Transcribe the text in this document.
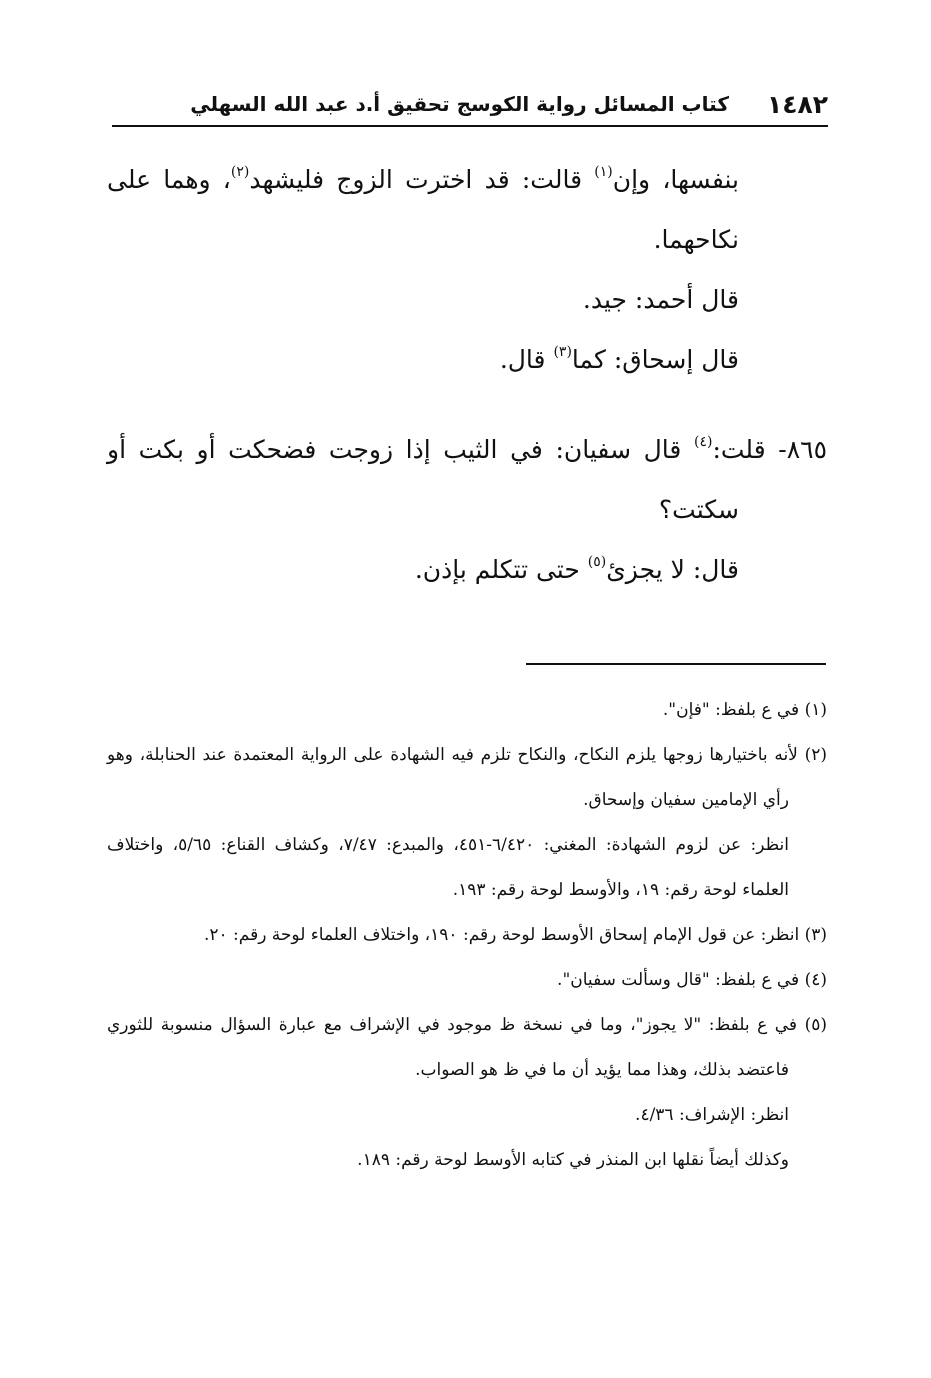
١٤٨٢
كتاب المسائل رواية الكوسج تحقيق أ.د عبد الله السهلي

بنفسها، وإن$^{(١)}$ قالت: قد اخترت الزوج فليشهد$^{(٢)}$، وهما على نكاحهما.

قال أحمد: جيد.

قال إسحاق: كما$^{(٣)}$ قال.

٨٦٥- قلت:$^{(٤)}$ قال سفيان: في الثيب إذا زوجت فضحكت أو بكت أو سكتت؟

قال: لا يجزئ$^{(٥)}$ حتى تتكلم بإذن.

(١) في ع بلفظ: "فإن".

(٢) لأنه باختيارها زوجها يلزم النكاح، والنكاح تلزم فيه الشهادة على الرواية المعتمدة عند الحنابلة، وهو رأي الإمامين سفيان وإسحاق.

انظر: عن لزوم الشهادة: المغني: ٦/٤٢٠-٤٥١، والمبدع: ٧/٤٧، وكشاف القناع: ٥/٦٥، واختلاف العلماء لوحة رقم: ١٩، والأوسط لوحة رقم: ١٩٣.

(٣) انظر: عن قول الإمام إسحاق الأوسط لوحة رقم: ١٩٠، واختلاف العلماء لوحة رقم: ٢٠.

(٤) في ع بلفظ: "قال وسألت سفيان".

(٥) في ع بلفظ: "لا يجوز"، وما في نسخة ظ موجود في الإشراف مع عبارة السؤال منسوبة للثوري فاعتضد بذلك، وهذا مما يؤيد أن ما في ظ هو الصواب.

انظر: الإشراف: ٤/٣٦.

وكذلك أيضاً نقلها ابن المنذر في كتابه الأوسط لوحة رقم: ١٨٩.
